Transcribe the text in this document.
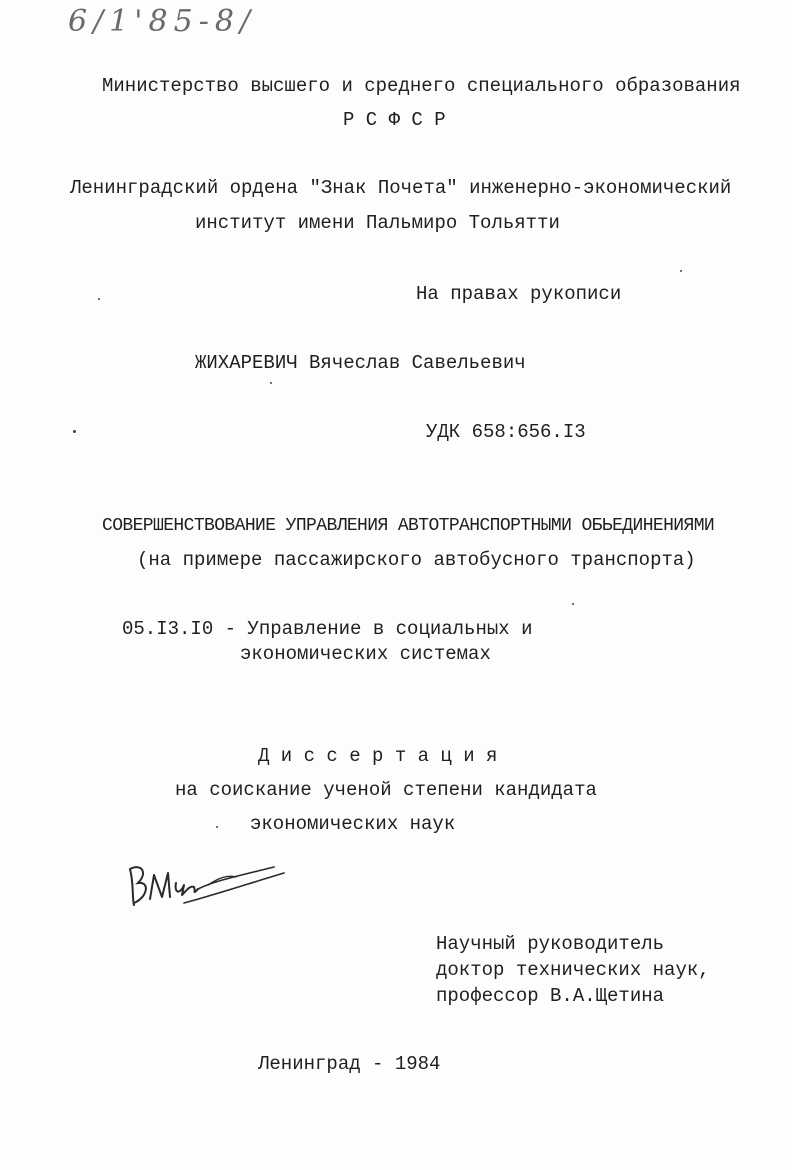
6/1'85-8/
Министерство высшего и среднего специального образования
Р С Ф С Р
Ленинградский ордена "Знак Почета" инженерно-экономический
институт имени Пальмиро Тольятти
На правах рукописи
ЖИХАРЕВИЧ Вячеслав Савельевич
УДК 658:656.I3
СОВЕРШЕНСТВОВАНИЕ УПРАВЛЕНИЯ АВТОТРАНСПОРТНЫМИ ОБЬЕДИНЕНИЯМИ
(на примере пассажирского автобусного транспорта)
05.I3.I0 - Управление в социальных и
экономических системах
Д и с с е р т а ц и я
на соискание ученой степени кандидата
экономических наук
Научный руководитель
доктор технических наук,
профессор В.А.Щетина
Ленинград - 1984
